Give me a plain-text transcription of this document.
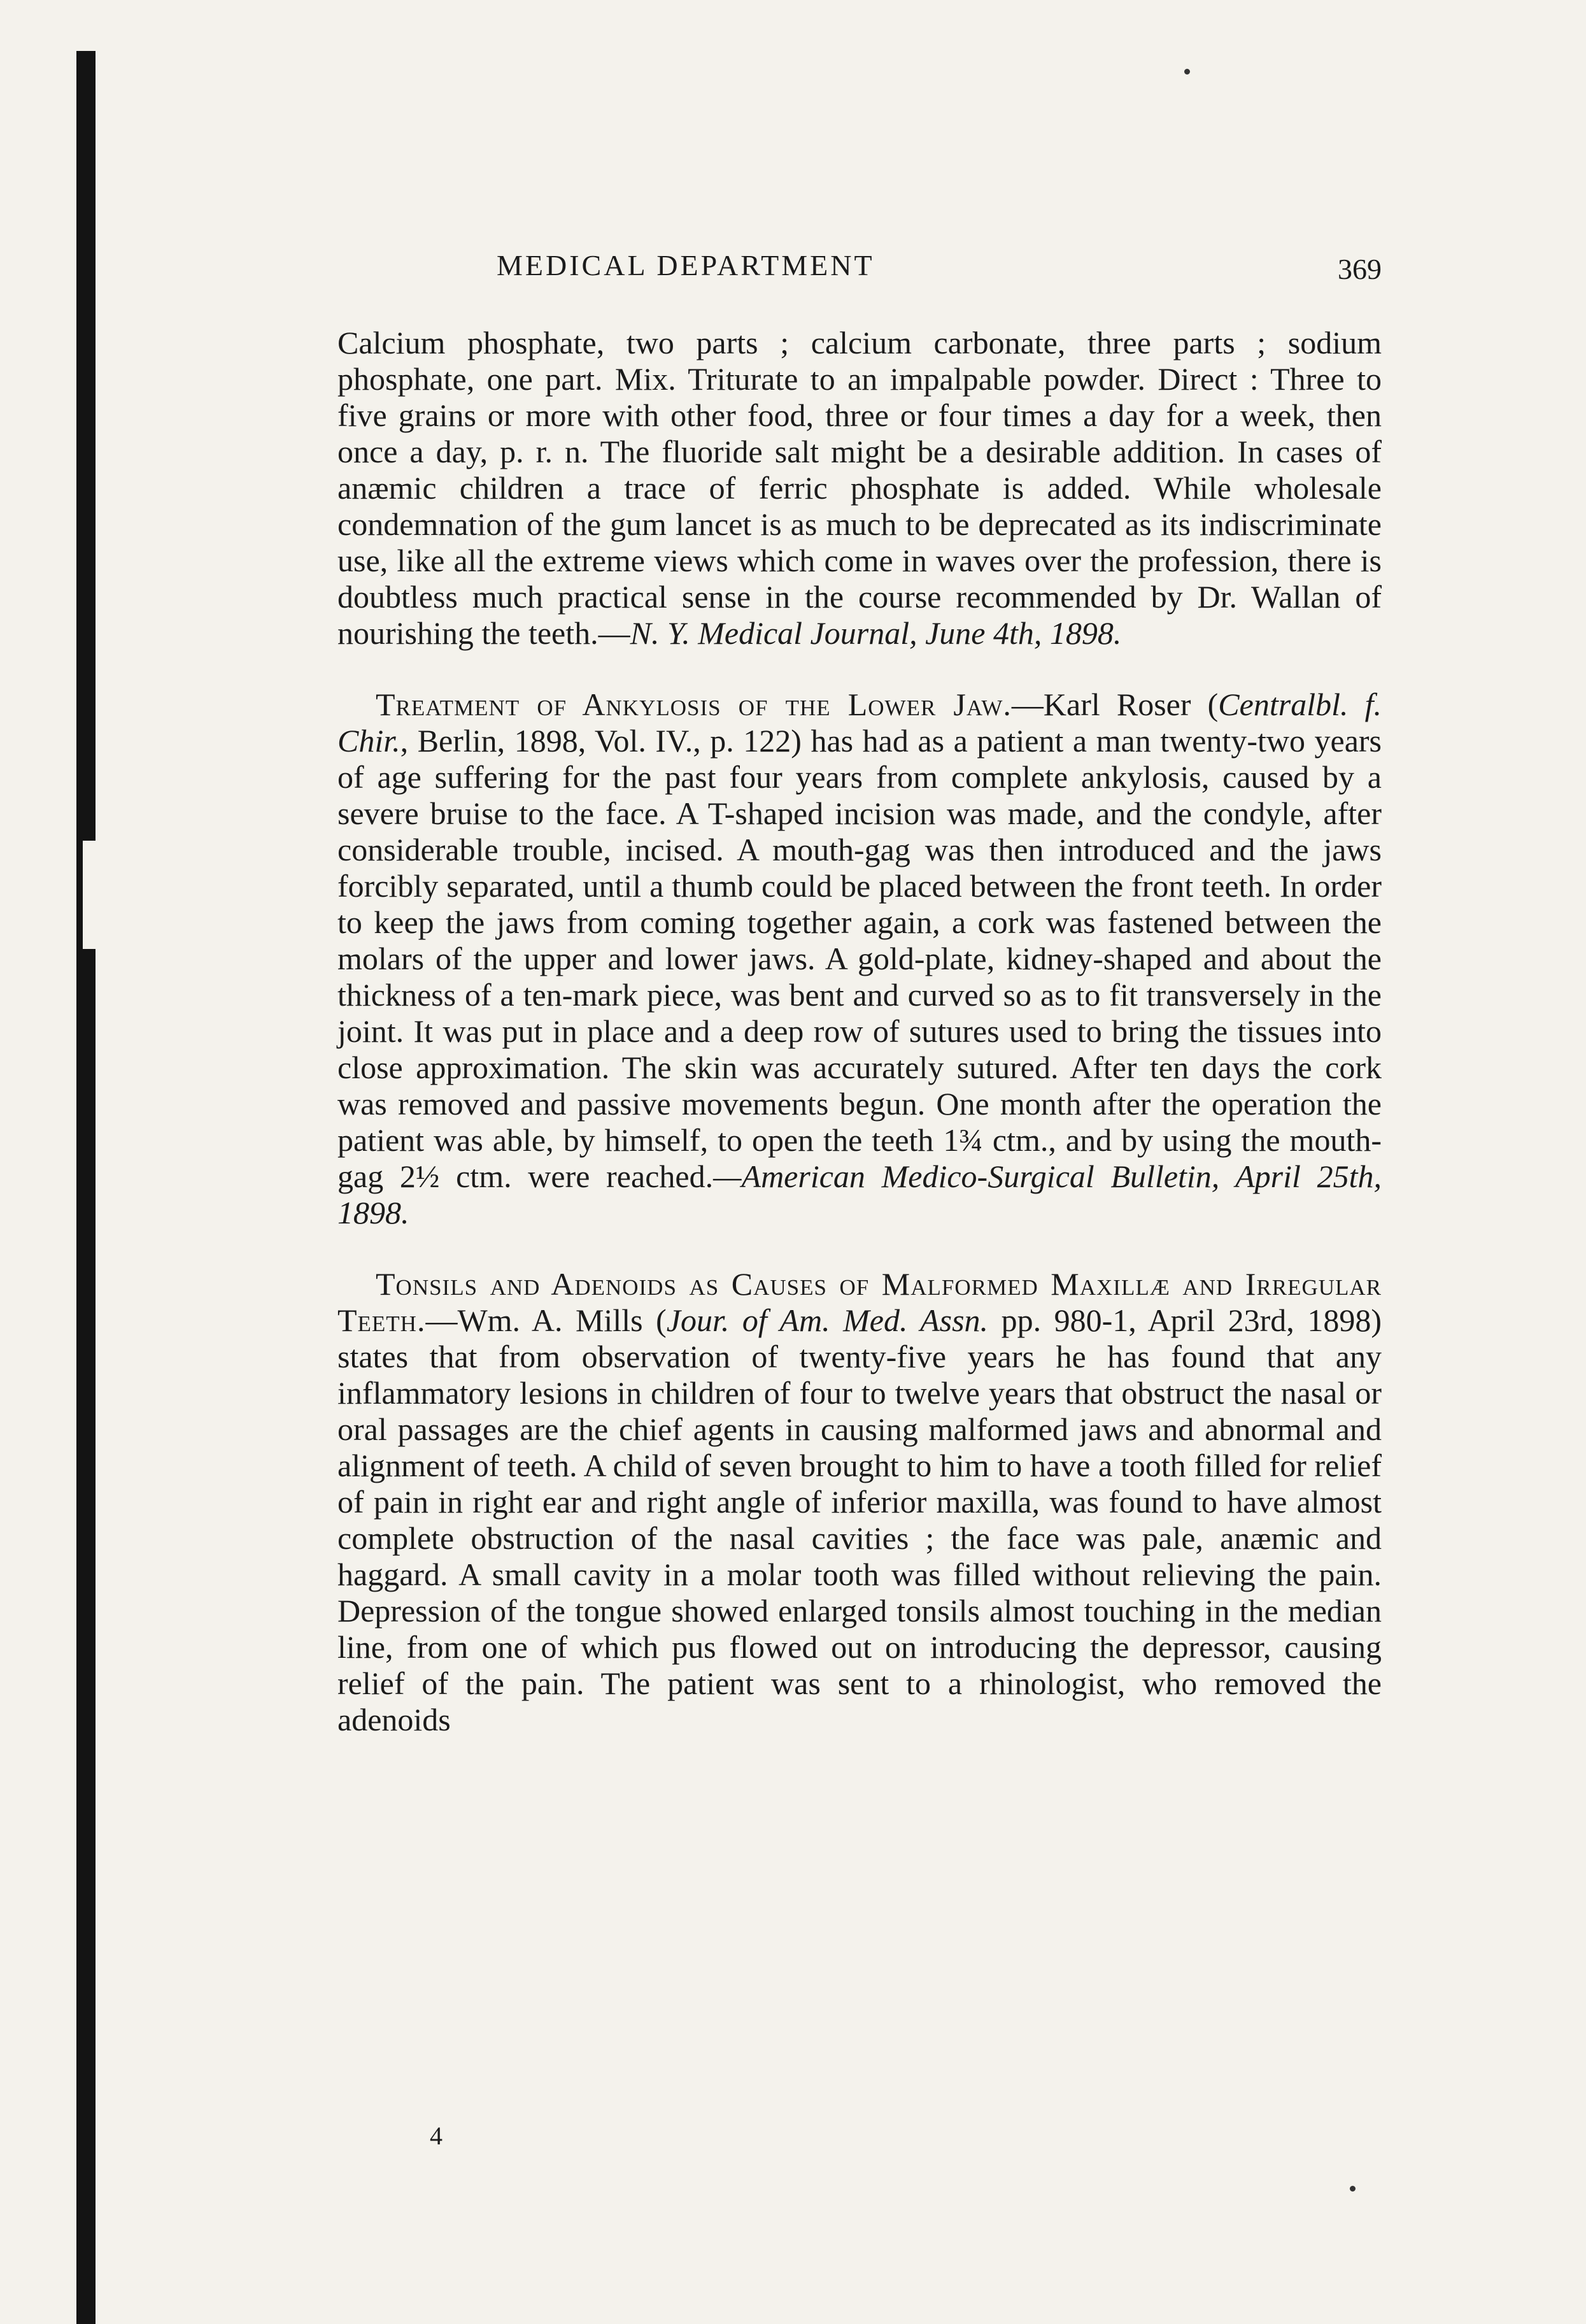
MEDICAL DEPARTMENT	369

Calcium phosphate, two parts ; calcium carbonate, three parts ; sodium phosphate, one part. Mix. Triturate to an impalpable powder. Direct : Three to five grains or more with other food, three or four times a day for a week, then once a day, p. r. n. The fluoride salt might be a desirable addition. In cases of anæmic children a trace of ferric phosphate is added. While wholesale condemnation of the gum lancet is as much to be deprecated as its indiscriminate use, like all the extreme views which come in waves over the profession, there is doubtless much practical sense in the course recommended by Dr. Wallan of nourishing the teeth.—N. Y. Medical Journal, June 4th, 1898.

Treatment of Ankylosis of the Lower Jaw.—Karl Roser (Centralbl. f. Chir., Berlin, 1898, Vol. IV., p. 122) has had as a patient a man twenty-two years of age suffering for the past four years from complete ankylosis, caused by a severe bruise to the face. A T-shaped incision was made, and the condyle, after considerable trouble, incised. A mouth-gag was then introduced and the jaws forcibly separated, until a thumb could be placed between the front teeth. In order to keep the jaws from coming together again, a cork was fastened between the molars of the upper and lower jaws. A gold-plate, kidney-shaped and about the thickness of a ten-mark piece, was bent and curved so as to fit transversely in the joint. It was put in place and a deep row of sutures used to bring the tissues into close approximation. The skin was accurately sutured. After ten days the cork was removed and passive movements begun. One month after the operation the patient was able, by himself, to open the teeth 1¾ ctm., and by using the mouth-gag 2½ ctm. were reached.—American Medico-Surgical Bulletin, April 25th, 1898.

Tonsils and Adenoids as Causes of Malformed Maxillæ and Irregular Teeth.—Wm. A. Mills (Jour. of Am. Med. Assn. pp. 980-1, April 23rd, 1898) states that from observation of twenty-five years he has found that any inflammatory lesions in children of four to twelve years that obstruct the nasal or oral passages are the chief agents in causing malformed jaws and abnormal and alignment of teeth. A child of seven brought to him to have a tooth filled for relief of pain in right ear and right angle of inferior maxilla, was found to have almost complete obstruction of the nasal cavities ; the face was pale, anæmic and haggard. A small cavity in a molar tooth was filled without relieving the pain. Depression of the tongue showed enlarged tonsils almost touching in the median line, from one of which pus flowed out on introducing the depressor, causing relief of the pain. The patient was sent to a rhinologist, who removed the adenoids

4
